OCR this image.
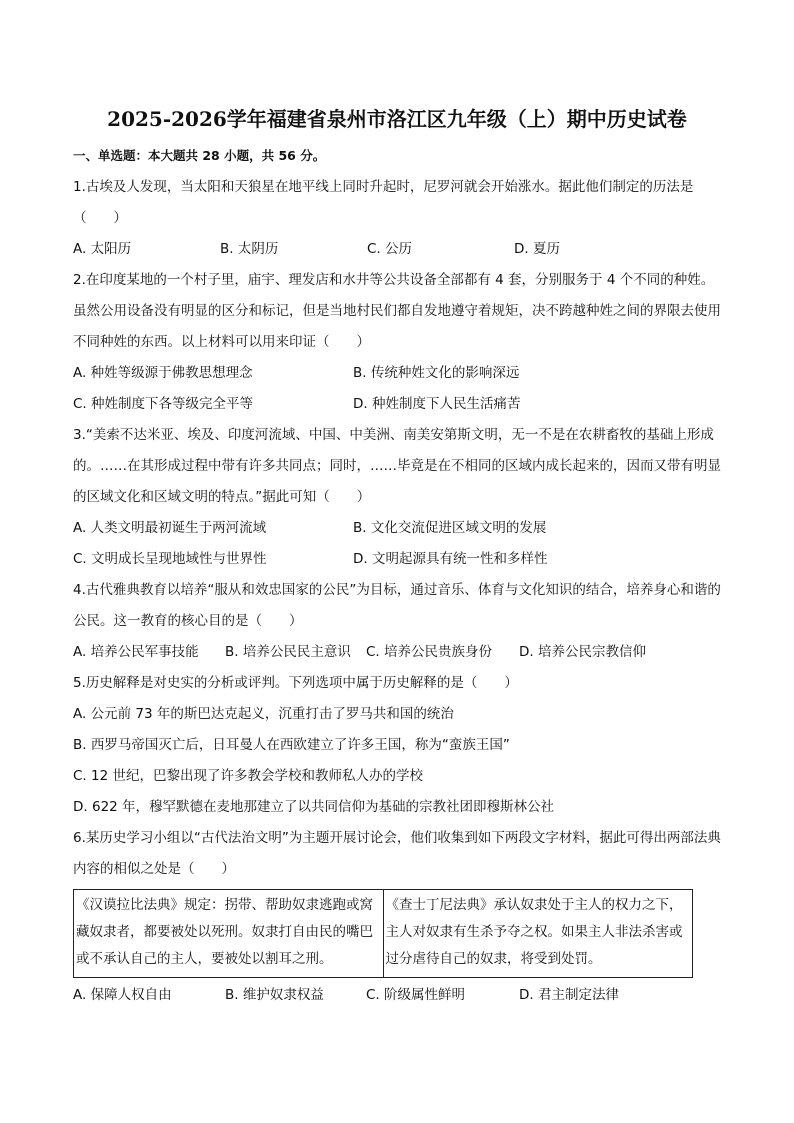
2025-2026学年福建省泉州市洛江区九年级（上）期中历史试卷
一、单选题：本大题共 28 小题，共 56 分。

1.古埃及人发现，当太阳和天狼星在地平线上同时升起时，尼罗河就会开始涨水。据此他们制定的历法是（　　）

A. 太阳历	B. 太阴历	C. 公历	D. 夏历

2.在印度某地的一个村子里，庙宇、理发店和水井等公共设备全部都有 4 套，分别服务于 4 个不同的种姓。虽然公用设备没有明显的区分和标记，但是当地村民们都自发地遵守着规矩，决不跨越种姓之间的界限去使用不同种姓的东西。以上材料可以用来印证（　　）

A. 种姓等级源于佛教思想理念	B. 传统种姓文化的影响深远
C. 种姓制度下各等级完全平等	D. 种姓制度下人民生活痛苦

3.“美索不达米亚、埃及、印度河流域、中国、中美洲、南美安第斯文明，无一不是在农耕畜牧的基础上形成的。……在其形成过程中带有许多共同点；同时，……毕竟是在不相同的区域内成长起来的，因而又带有明显的区域文化和区域文明的特点。”据此可知（　　）

A. 人类文明最初诞生于两河流域	B. 文化交流促进区域文明的发展
C. 文明成长呈现地域性与世界性	D. 文明起源具有统一性和多样性

4.古代雅典教育以培养“服从和效忠国家的公民”为目标，通过音乐、体育与文化知识的结合，培养身心和谐的公民。这一教育的核心目的是（　　）

A. 培养公民军事技能	B. 培养公民民主意识	C. 培养公民贵族身份	D. 培养公民宗教信仰

5.历史解释是对史实的分析或评判。下列选项中属于历史解释的是（　　）

A. 公元前 73 年的斯巴达克起义，沉重打击了罗马共和国的统治
B. 西罗马帝国灭亡后，日耳曼人在西欧建立了许多王国，称为“蛮族王国”
C. 12 世纪，巴黎出现了许多教会学校和教师私人办的学校
D. 622 年，穆罕默德在麦地那建立了以共同信仰为基础的宗教社团即穆斯林公社

6.某历史学习小组以“古代法治文明”为主题开展讨论会，他们收集到如下两段文字材料，据此可得出两部法典内容的相似之处是（　　）

《汉谟拉比法典》规定：拐带、帮助奴隶逃跑或窝藏奴隶者，都要被处以死刑。奴隶打自由民的嘴巴或不承认自己的主人，要被处以割耳之刑。	《查士丁尼法典》承认奴隶处于主人的权力之下，主人对奴隶有生杀予夺之权。如果主人非法杀害或过分虐待自己的奴隶，将受到处罚。
A. 保障人权自由	B. 维护奴隶权益	C. 阶级属性鲜明	D. 君主制定法律
